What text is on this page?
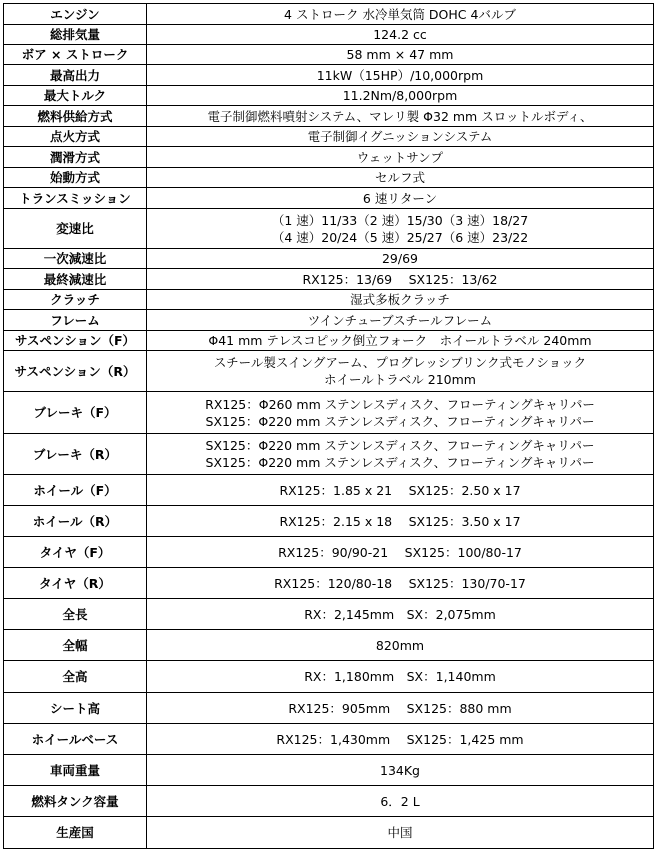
エンジン	4 ストローク 水冷単気筒 DOHC 4バルブ

総排気量	124.2 cc

ボア × ストローク	58 mm × 47 mm

最高出力	11kW（15HP）/10,000rpm

最大トルク	11.2Nm/8,000rpm

燃料供給方式	電子制御燃料噴射システム、マレリ製 Φ32 mm スロットルボディ、

点火方式	電子制御イグニッションシステム

潤滑方式	ウェットサンプ

始動方式	セルフ式

トランスミッション	6 速リターン

変速比	（1 速）11/33（2 速）15/30（3 速）18/27
（4 速）20/24（5 速）25/27（6 速）23/22

一次減速比	29/69

最終減速比	RX125：13/69　 SX125：13/62

クラッチ	湿式多板クラッチ

フレーム	ツインチューブスチールフレーム

サスペンション（F）	Φ41 mm テレスコピック倒立フォーク　ホイールトラベル 240mm

サスペンション（R）	スチール製スイングアーム、プログレッシブリンク式モノショック
ホイールトラベル 210mm

ブレーキ（F）	RX125：Φ260 mm ステンレスディスク、フローティングキャリパー
SX125：Φ220 mm ステンレスディスク、フローティングキャリパー

ブレーキ（R）	SX125：Φ220 mm ステンレスディスク、フローティングキャリパー
SX125：Φ220 mm ステンレスディスク、フローティングキャリパー

ホイール（F）	RX125：1.85 x 21　 SX125：2.50 x 17

ホイール（R）	RX125：2.15 x 18　 SX125：3.50 x 17

タイヤ（F）	RX125：90/90-21　 SX125：100/80-17

タイヤ（R）	RX125：120/80-18　 SX125：130/70-17

全長	RX：2,145mm　SX：2,075mm

全幅	820mm

全高	RX：1,180mm　SX：1,140mm

シート高	RX125：905mm　 SX125：880 mm

ホイールベース	RX125：1,430mm　 SX125：1,425 mm

車両重量	134Kg

燃料タンク容量	6．2 L

生産国	中国
